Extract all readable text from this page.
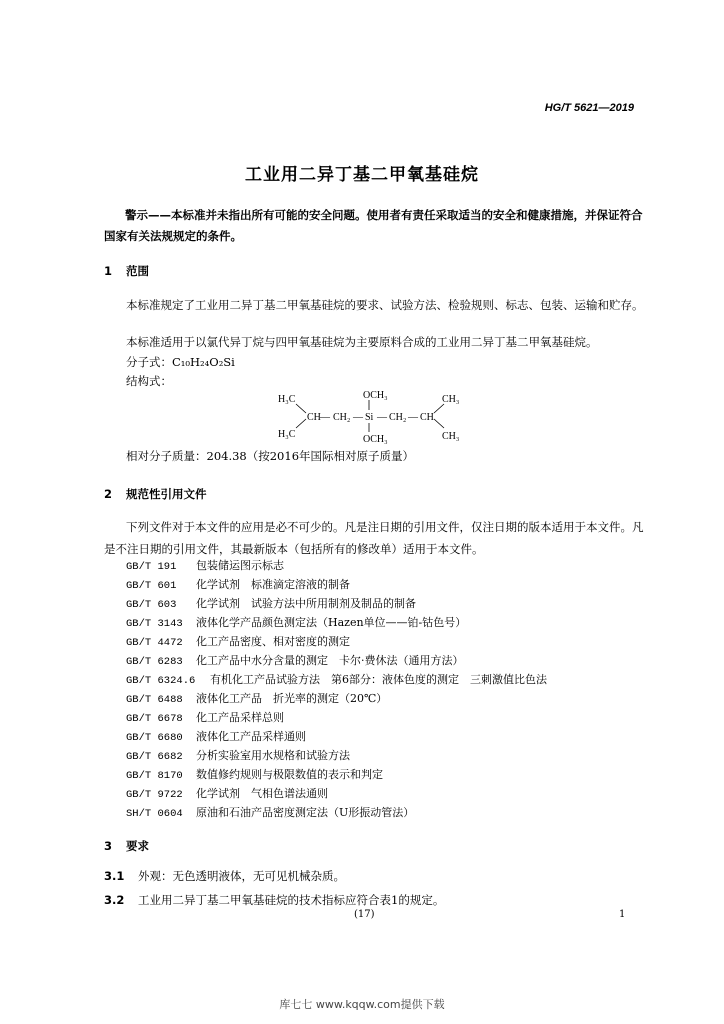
HG/T 5621—2019
工业用二异丁基二甲氧基硅烷
警示——本标准并未指出所有可能的安全问题。使用者有责任采取适当的安全和健康措施，并保证符合国家有关法规规定的条件。
1 范围
本标准规定了工业用二异丁基二甲氧基硅烷的要求、试验方法、检验规则、标志、包装、运输和贮存。
本标准适用于以氯代异丁烷与四甲氧基硅烷为主要原料合成的工业用二异丁基二甲氧基硅烷。
分子式：C₁₀H₂₄O₂Si
结构式：
H₃C
H₃C
CH — CH₂ — Si
OCH₃
OCH₃
— CH₂ — CH
CH₃
CH₃
相对分子质量：204.38（按2016年国际相对原子质量）
2 规范性引用文件
下列文件对于本文件的应用是必不可少的。凡是注日期的引用文件，仅注日期的版本适用于本文件。凡是不注日期的引用文件，其最新版本（包括所有的修改单）适用于本文件。
GB/T 191 包装储运图示标志
GB/T 601 化学试剂　标准滴定溶液的制备
GB/T 603 化学试剂　试验方法中所用制剂及制品的制备
GB/T 3143 液体化学产品颜色测定法（Hazen单位——铂-钴色号）
GB/T 4472 化工产品密度、相对密度的测定
GB/T 6283 化工产品中水分含量的测定　卡尔·费休法（通用方法）
GB/T 6324.6 有机化工产品试验方法　第6部分：液体色度的测定　三刺激值比色法
GB/T 6488 液体化工产品　折光率的测定（20℃）
GB/T 6678 化工产品采样总则
GB/T 6680 液体化工产品采样通则
GB/T 6682 分析实验室用水规格和试验方法
GB/T 8170 数值修约规则与极限数值的表示和判定
GB/T 9722 化学试剂　气相色谱法通则
SH/T 0604 原油和石油产品密度测定法（U形振动管法）
3 要求
3.1 外观：无色透明液体，无可见机械杂质。
3.2 工业用二异丁基二甲氧基硅烷的技术指标应符合表1的规定。
(17)	1
库七七 www.kqqw.com提供下载
